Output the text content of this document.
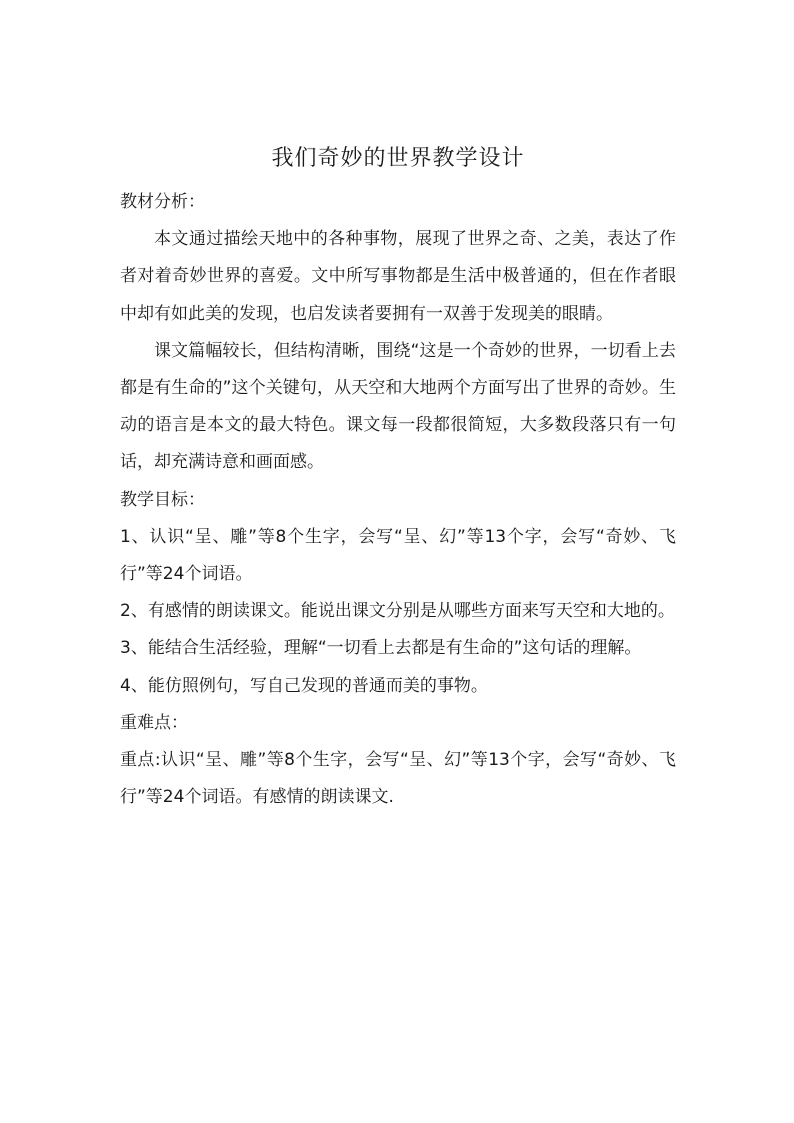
我们奇妙的世界教学设计

教材分析：

本文通过描绘天地中的各种事物，展现了世界之奇、之美，表达了作者对着奇妙世界的喜爱。文中所写事物都是生活中极普通的，但在作者眼中却有如此美的发现，也启发读者要拥有一双善于发现美的眼睛。

课文篇幅较长，但结构清晰，围绕“这是一个奇妙的世界，一切看上去都是有生命的”这个关键句，从天空和大地两个方面写出了世界的奇妙。生动的语言是本文的最大特色。课文每一段都很简短，大多数段落只有一句话，却充满诗意和画面感。

教学目标：

1、认识“呈、雕”等8个生字，会写“呈、幻”等13个字，会写“奇妙、飞行”等24个词语。

2、有感情的朗读课文。能说出课文分别是从哪些方面来写天空和大地的。

3、能结合生活经验，理解“一切看上去都是有生命的”这句话的理解。

4、能仿照例句，写自己发现的普通而美的事物。

重难点：

重点:认识“呈、雕”等8个生字，会写“呈、幻”等13个字，会写“奇妙、飞行”等24个词语。有感情的朗读课文.
